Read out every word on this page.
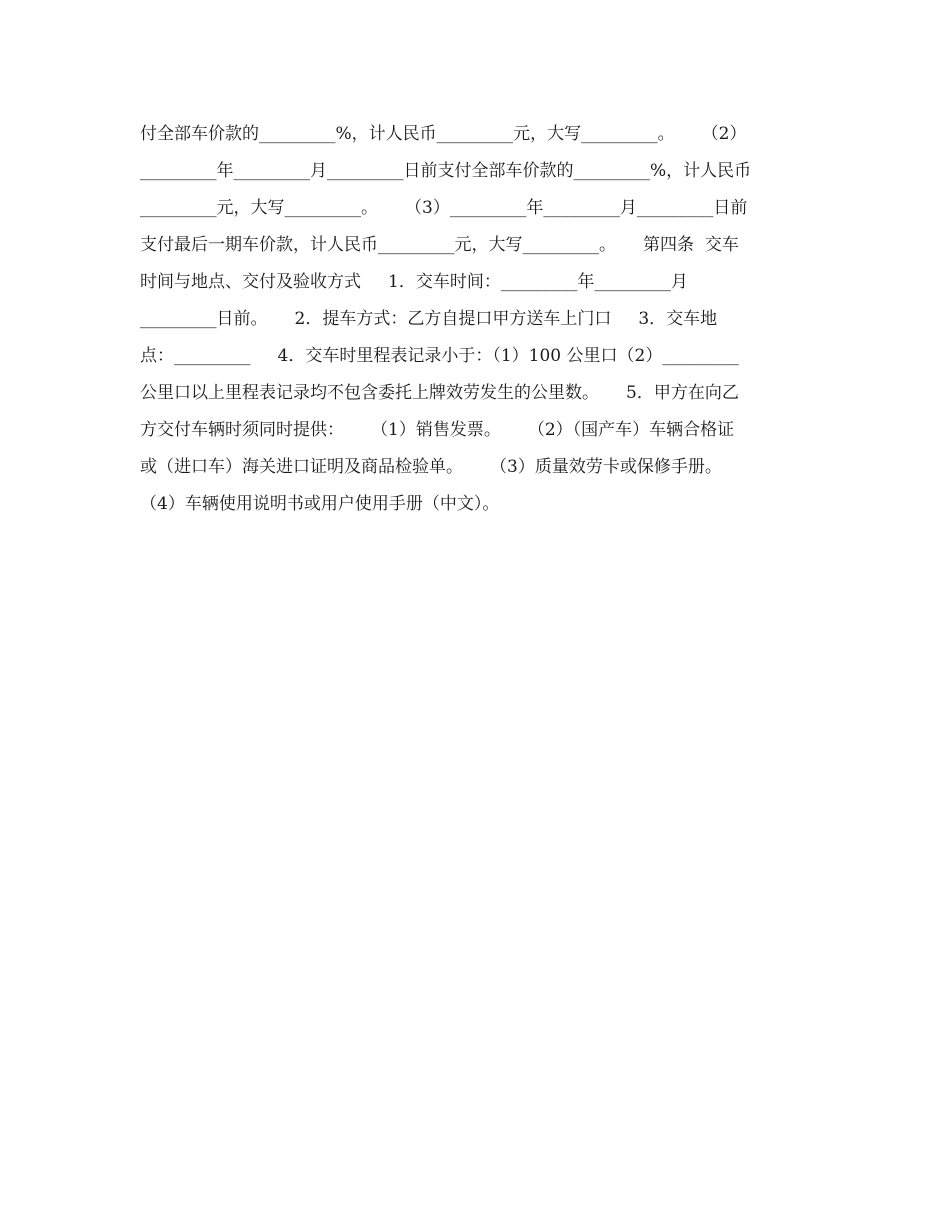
付全部车价款的_________%，计人民币_________元，大写_________。     （2）
_________年_________月_________日前支付全部车价款的_________%，计人民币
_________元，大写_________。     （3）_________年_________月_________日前
支付最后一期车价款，计人民币_________元，大写_________。     第四条  交车
时间与地点、交付及验收方式     1．交车时间：_________年_________月
_________日前。     2．提车方式：乙方自提口甲方送车上门口     3．交车地
点：_________     4．交车时里程表记录小于：（1）100 公里口（2）_________
公里口以上里程表记录均不包含委托上牌效劳发生的公里数。     5．甲方在向乙
方交付车辆时须同时提供：     （1）销售发票。     （2）（国产车）车辆合格证
或（进口车）海关进口证明及商品检验单。     （3）质量效劳卡或保修手册。
（4）车辆使用说明书或用户使用手册（中文）。
